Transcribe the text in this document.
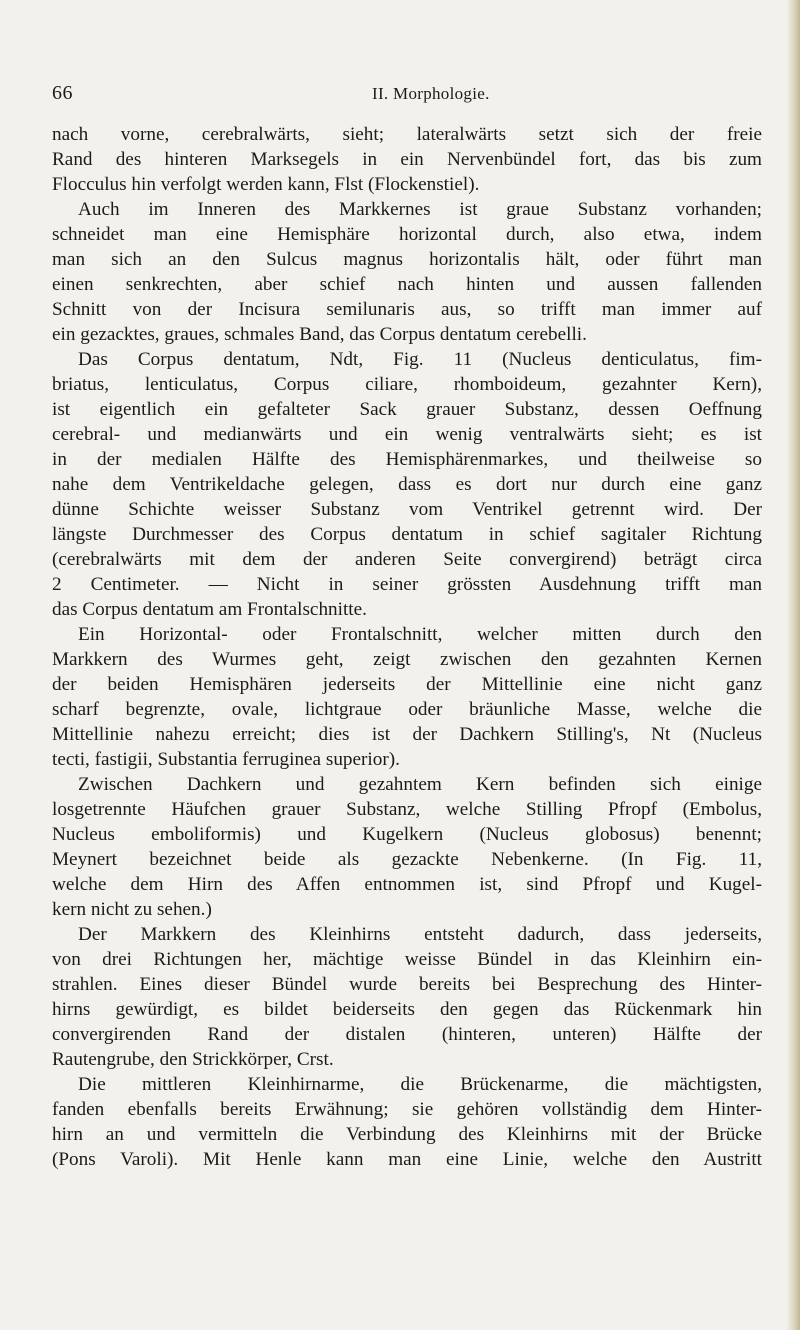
66	II. Morphologie.
nach vorne, cerebralwärts, sieht; lateralwärts setzt sich der freie
Rand des hinteren Marksegels in ein Nervenbündel fort, das bis zum
Flocculus hin verfolgt werden kann, Flst (Flockenstiel).
Auch im Inneren des Markkernes ist graue Substanz vorhanden;
schneidet man eine Hemisphäre horizontal durch, also etwa, indem
man sich an den Sulcus magnus horizontalis hält, oder führt man
einen senkrechten, aber schief nach hinten und aussen fallenden
Schnitt von der Incisura semilunaris aus, so trifft man immer auf
ein gezacktes, graues, schmales Band, das Corpus dentatum cerebelli.
Das Corpus dentatum, Ndt, Fig. 11 (Nucleus denticulatus, fim-
briatus, lenticulatus, Corpus ciliare, rhomboideum, gezahnter Kern),
ist eigentlich ein gefalteter Sack grauer Substanz, dessen Oeffnung
cerebral- und medianwärts und ein wenig ventralwärts sieht; es ist
in der medialen Hälfte des Hemisphärenmarkes, und theilweise so
nahe dem Ventrikeldache gelegen, dass es dort nur durch eine ganz
dünne Schichte weisser Substanz vom Ventrikel getrennt wird. Der
längste Durchmesser des Corpus dentatum in schief sagitaler Richtung
(cerebralwärts mit dem der anderen Seite convergirend) beträgt circa
2 Centimeter. — Nicht in seiner grössten Ausdehnung trifft man
das Corpus dentatum am Frontalschnitte.
Ein Horizontal- oder Frontalschnitt, welcher mitten durch den
Markkern des Wurmes geht, zeigt zwischen den gezahnten Kernen
der beiden Hemisphären jederseits der Mittellinie eine nicht ganz
scharf begrenzte, ovale, lichtgraue oder bräunliche Masse, welche die
Mittellinie nahezu erreicht; dies ist der Dachkern Stilling's, Nt (Nucleus
tecti, fastigii, Substantia ferruginea superior).
Zwischen Dachkern und gezahntem Kern befinden sich einige
losgetrennte Häufchen grauer Substanz, welche Stilling Pfropf (Embolus,
Nucleus emboliformis) und Kugelkern (Nucleus globosus) benennt;
Meynert bezeichnet beide als gezackte Nebenkerne. (In Fig. 11,
welche dem Hirn des Affen entnommen ist, sind Pfropf und Kugel-
kern nicht zu sehen.)
Der Markkern des Kleinhirns entsteht dadurch, dass jederseits,
von drei Richtungen her, mächtige weisse Bündel in das Kleinhirn ein-
strahlen. Eines dieser Bündel wurde bereits bei Besprechung des Hinter-
hirns gewürdigt, es bildet beiderseits den gegen das Rückenmark hin
convergirenden Rand der distalen (hinteren, unteren) Hälfte der
Rautengrube, den Strickkörper, Crst.
Die mittleren Kleinhirnarme, die Brückenarme, die mächtigsten,
fanden ebenfalls bereits Erwähnung; sie gehören vollständig dem Hinter-
hirn an und vermitteln die Verbindung des Kleinhirns mit der Brücke
(Pons Varoli). Mit Henle kann man eine Linie, welche den Austritt
